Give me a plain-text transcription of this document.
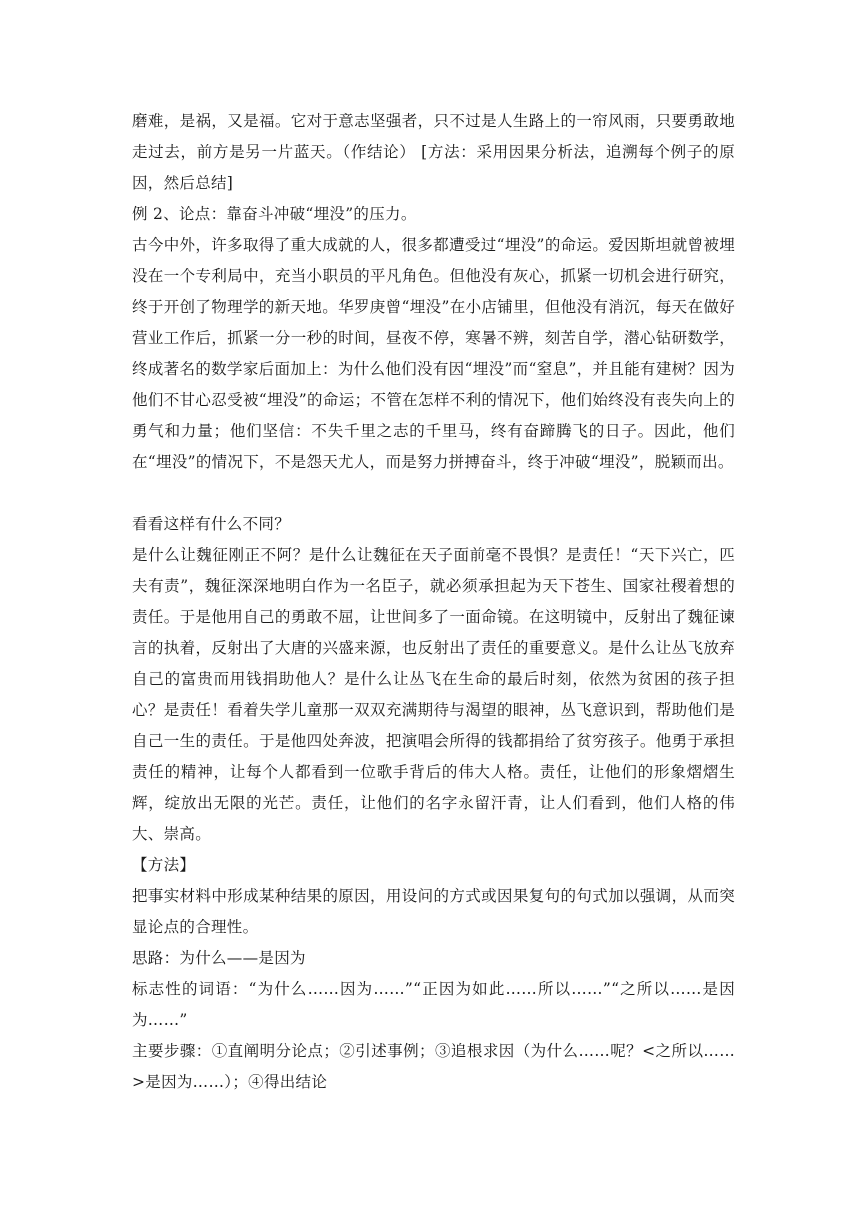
磨难，是祸，又是福。它对于意志坚强者，只不过是人生路上的一帘风雨，只要勇敢地走过去，前方是另一片蓝天。（作结论） [方法：采用因果分析法，追溯每个例子的原因，然后总结]

例 2、论点：靠奋斗冲破“埋没”的压力。

古今中外，许多取得了重大成就的人，很多都遭受过“埋没”的命运。爱因斯坦就曾被埋没在一个专利局中，充当小职员的平凡角色。但他没有灰心，抓紧一切机会进行研究，终于开创了物理学的新天地。华罗庚曾“埋没”在小店铺里，但他没有消沉，每天在做好营业工作后，抓紧一分一秒的时间，昼夜不停，寒暑不辨，刻苦自学，潜心钻研数学，终成著名的数学家后面加上：为什么他们没有因“埋没”而“窒息”，并且能有建树？因为他们不甘心忍受被“埋没”的命运；不管在怎样不利的情况下，他们始终没有丧失向上的勇气和力量；他们坚信：不失千里之志的千里马，终有奋蹄腾飞的日子。因此，他们在“埋没”的情况下，不是怨天尤人，而是努力拼搏奋斗，终于冲破“埋没”，脱颖而出。

看看这样有什么不同？

是什么让魏征刚正不阿？是什么让魏征在天子面前毫不畏惧？是责任！“天下兴亡，匹夫有责”，魏征深深地明白作为一名臣子，就必须承担起为天下苍生、国家社稷着想的责任。于是他用自己的勇敢不屈，让世间多了一面命镜。在这明镜中，反射出了魏征谏言的执着，反射出了大唐的兴盛来源，也反射出了责任的重要意义。是什么让丛飞放弃自己的富贵而用钱捐助他人？是什么让丛飞在生命的最后时刻，依然为贫困的孩子担心？是责任！看着失学儿童那一双双充满期待与渴望的眼神，丛飞意识到，帮助他们是自己一生的责任。于是他四处奔波，把演唱会所得的钱都捐给了贫穷孩子。他勇于承担责任的精神，让每个人都看到一位歌手背后的伟大人格。责任，让他们的形象熠熠生辉，绽放出无限的光芒。责任，让他们的名字永留汗青，让人们看到，他们人格的伟大、崇高。

【方法】

把事实材料中形成某种结果的原因，用设问的方式或因果复句的句式加以强调，从而突显论点的合理性。

思路：为什么——是因为

标志性的词语：“为什么……因为……”“正因为如此……所以……”“之所以……是因为……”

主要步骤：①直阐明分论点；②引述事例；③追根求因（为什么……呢？<之所以……>是因为……）；④得出结论
